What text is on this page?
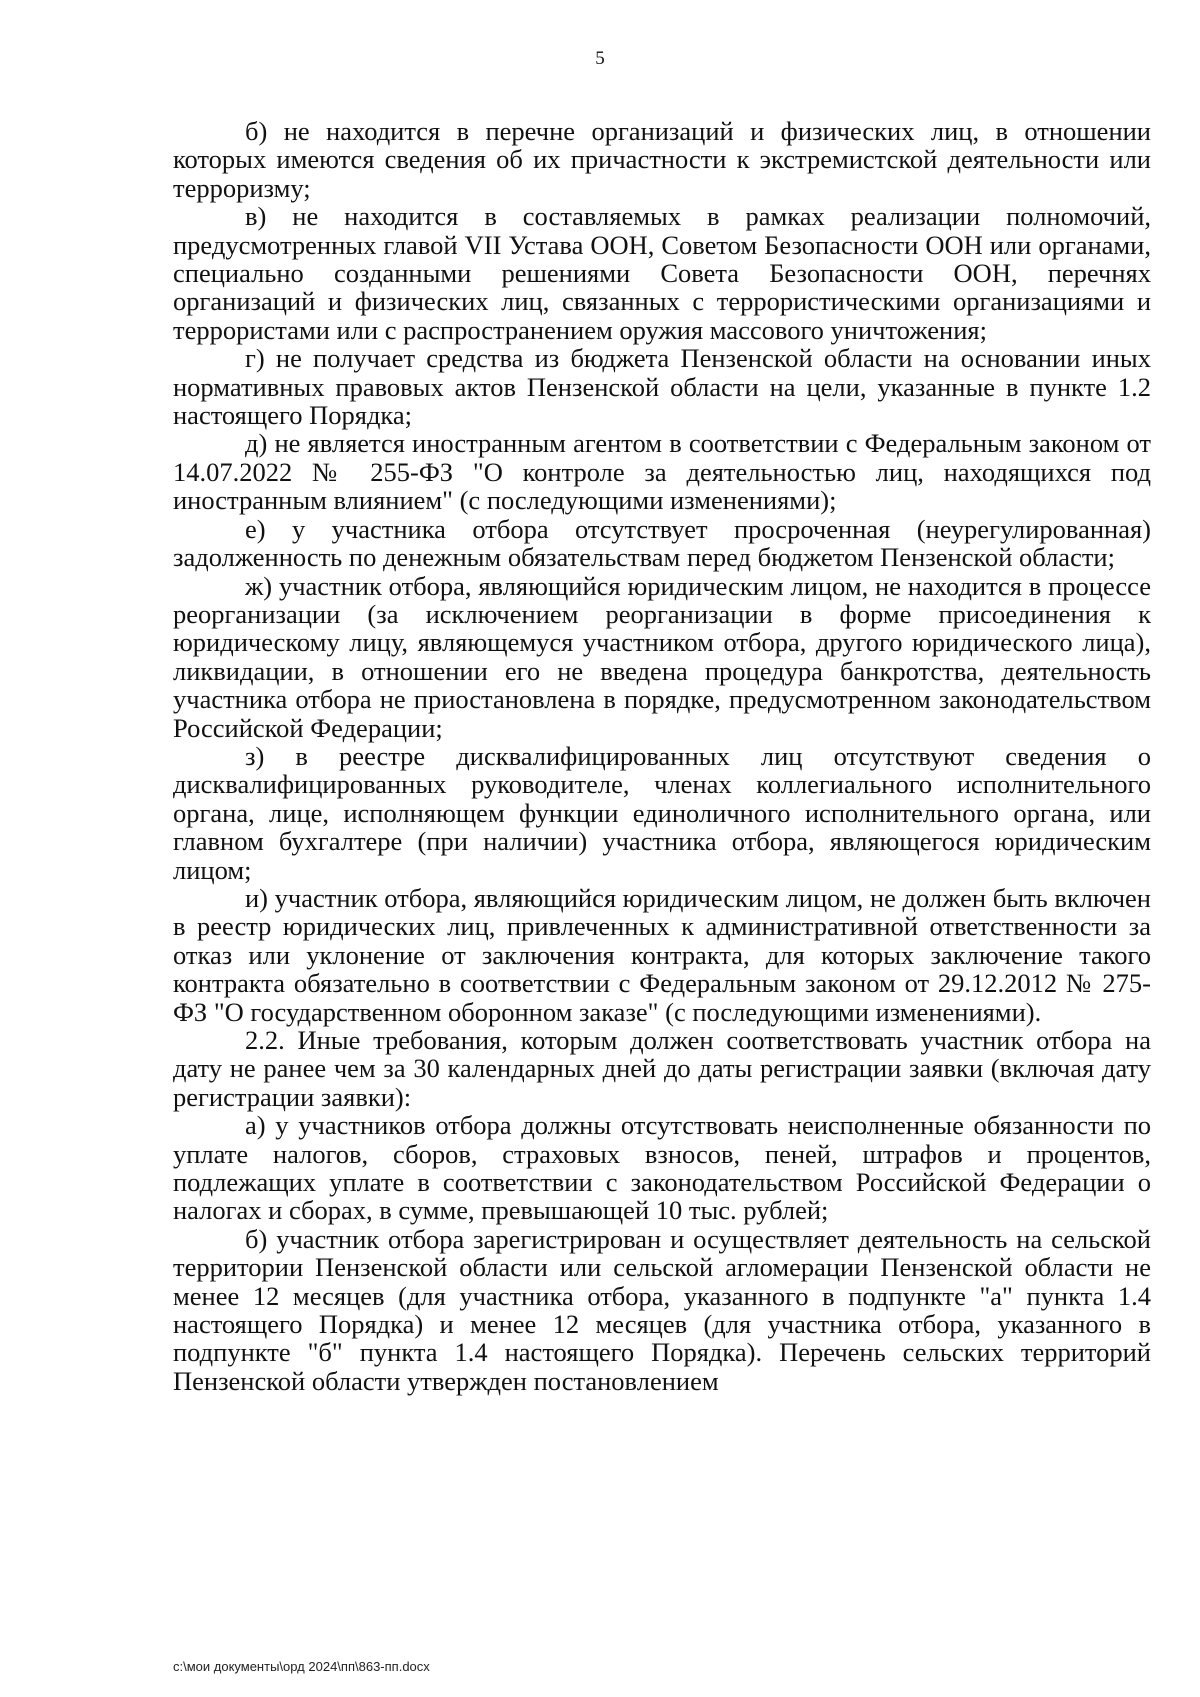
5

б) не находится в перечне организаций и физических лиц, в отношении которых имеются сведения об их причастности к экстремистской деятельности или терроризму;

в) не находится в составляемых в рамках реализации полномочий, предусмотренных главой VII Устава ООН, Советом Безопасности ООН или органами, специально созданными решениями Совета Безопасности ООН, перечнях организаций и физических лиц, связанных с террористическими организациями и террористами или с распространением оружия массового уничтожения;

г) не получает средства из бюджета Пензенской области на основании иных нормативных правовых актов Пензенской области на цели, указанные в пункте 1.2 настоящего Порядка;

д) не является иностранным агентом в соответствии с Федеральным законом от 14.07.2022 № 255-ФЗ "О контроле за деятельностью лиц, находящихся под иностранным влиянием" (с последующими изменениями);

е) у участника отбора отсутствует просроченная (неурегулированная) задолженность по денежным обязательствам перед бюджетом Пензенской области;

ж) участник отбора, являющийся юридическим лицом, не находится в процессе реорганизации (за исключением реорганизации в форме присоединения к юридическому лицу, являющемуся участником отбора, другого юридического лица), ликвидации, в отношении его не введена процедура банкротства, деятельность участника отбора не приостановлена в порядке, предусмотренном законодательством Российской Федерации;

з) в реестре дисквалифицированных лиц отсутствуют сведения о дисквалифицированных руководителе, членах коллегиального исполнительного органа, лице, исполняющем функции единоличного исполнительного органа, или главном бухгалтере (при наличии) участника отбора, являющегося юридическим лицом;

и) участник отбора, являющийся юридическим лицом, не должен быть включен в реестр юридических лиц, привлеченных к административной ответственности за отказ или уклонение от заключения контракта, для которых заключение такого контракта обязательно в соответствии с Федеральным законом от 29.12.2012 № 275-ФЗ "О государственном оборонном заказе" (с последующими изменениями).

2.2. Иные требования, которым должен соответствовать участник отбора на дату не ранее чем за 30 календарных дней до даты регистрации заявки (включая дату регистрации заявки):

а) у участников отбора должны отсутствовать неисполненные обязанности по уплате налогов, сборов, страховых взносов, пеней, штрафов и процентов, подлежащих уплате в соответствии с законодательством Российской Федерации о налогах и сборах, в сумме, превышающей 10 тыс. рублей;

б) участник отбора зарегистрирован и осуществляет деятельность на сельской территории Пензенской области или сельской агломерации Пензенской области не менее 12 месяцев (для участника отбора, указанного в подпункте "а" пункта 1.4 настоящего Порядка) и менее 12 месяцев (для участника отбора, указанного в подпункте "б" пункта 1.4 настоящего Порядка). Перечень сельских территорий Пензенской области утвержден постановлением

c:\мои документы\орд 2024\пп\863-пп.docx
